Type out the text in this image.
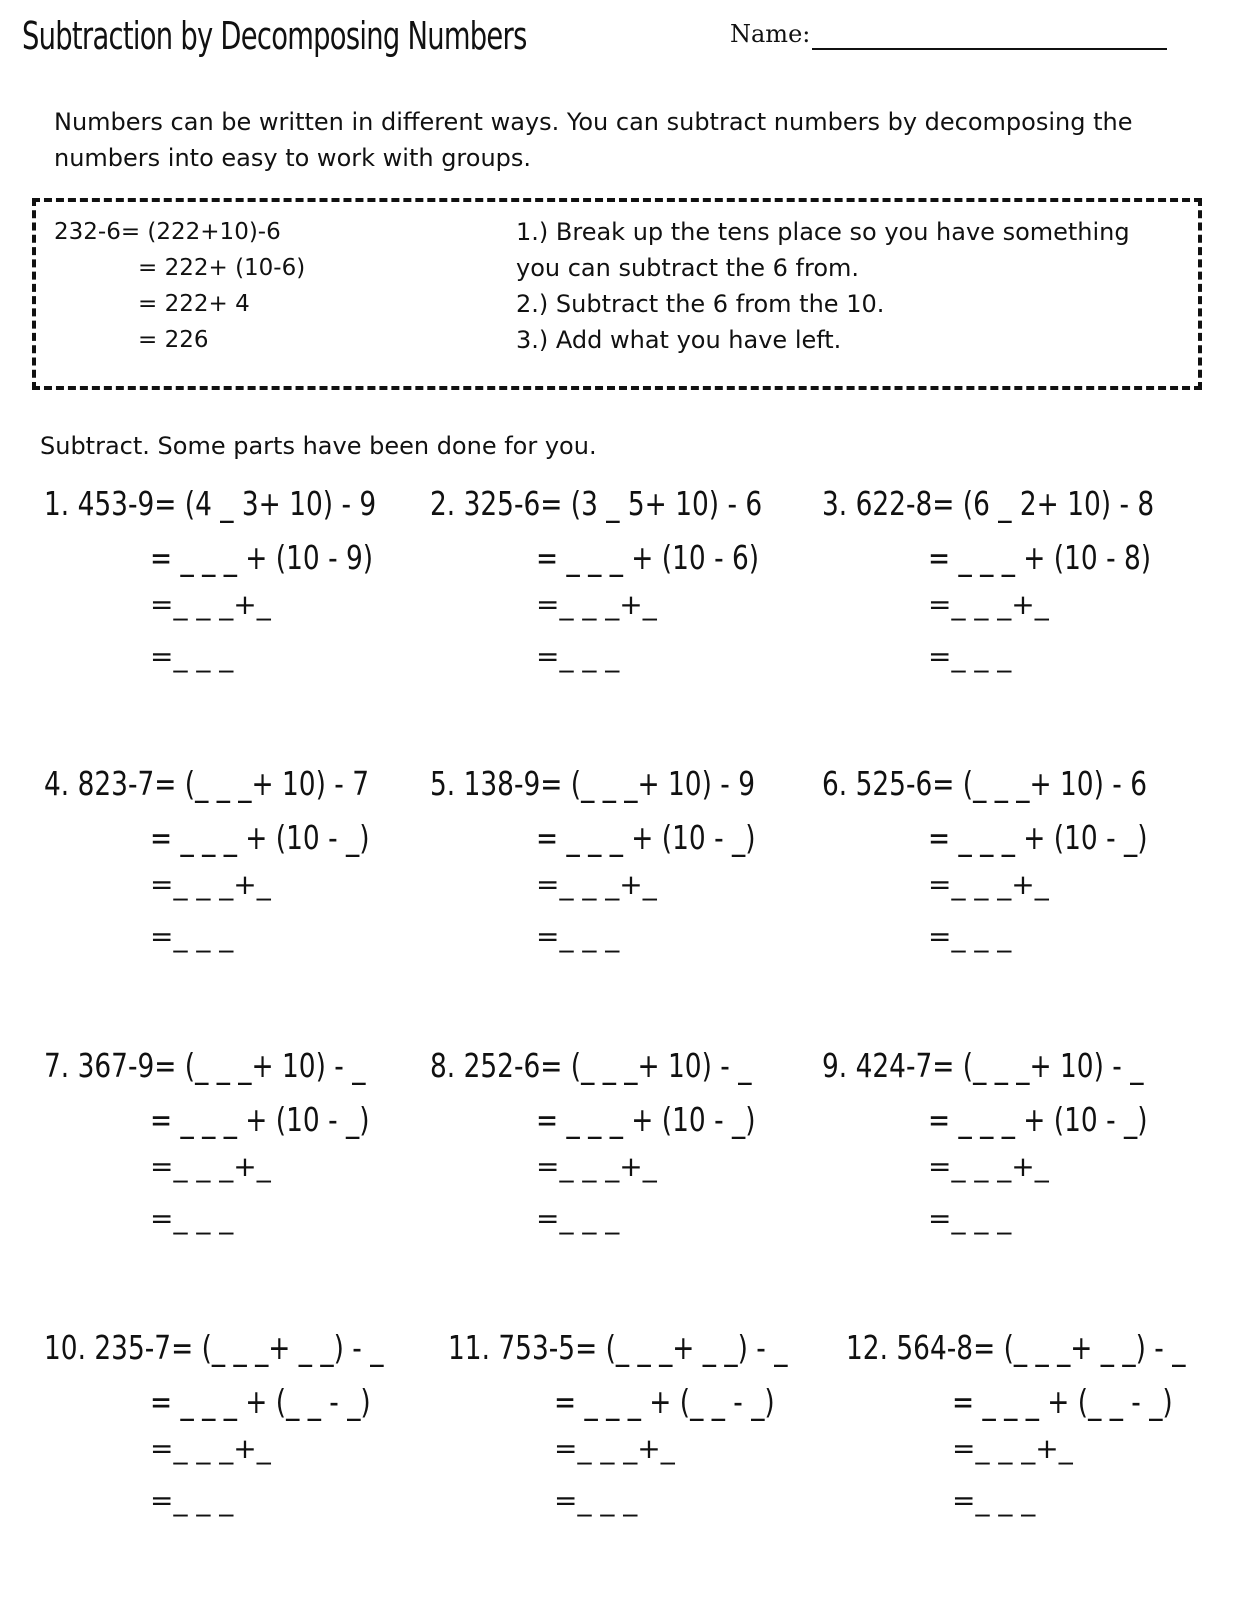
Subtraction by Decomposing Numbers	Name:
Numbers can be written in different ways. You can subtract numbers by decomposing the numbers into easy to work with groups.
232-6= (222+10)-6
= 222+ (10-6)
= 222+ 4
= 226
1.) Break up the tens place so you have something you can subtract the 6 from.
2.) Subtract the 6 from the 10.
3.) Add what you have left.
Subtract. Some parts have been done for you.
1. 453-9= (4 _ 3+ 10) - 9
= _ _ _ + (10 - 9)
=_ _ _+_
=_ _ _
2. 325-6= (3 _ 5+ 10) - 6
= _ _ _ + (10 - 6)
=_ _ _+_
=_ _ _
3. 622-8= (6 _ 2+ 10) - 8
= _ _ _ + (10 - 8)
=_ _ _+_
=_ _ _
4. 823-7= (_ _ _+ 10) - 7
= _ _ _ + (10 - _)
=_ _ _+_
=_ _ _
5. 138-9= (_ _ _+ 10) - 9
= _ _ _ + (10 - _)
=_ _ _+_
=_ _ _
6. 525-6= (_ _ _+ 10) - 6
= _ _ _ + (10 - _)
=_ _ _+_
=_ _ _
7. 367-9= (_ _ _+ 10) - _
= _ _ _ + (10 - _)
=_ _ _+_
=_ _ _
8. 252-6= (_ _ _+ 10) - _
= _ _ _ + (10 - _)
=_ _ _+_
=_ _ _
9. 424-7= (_ _ _+ 10) - _
= _ _ _ + (10 - _)
=_ _ _+_
=_ _ _
10. 235-7= (_ _ _+ _ _) - _
= _ _ _ + (_ _ - _)
=_ _ _+_
=_ _ _
11. 753-5= (_ _ _+ _ _) - _
= _ _ _ + (_ _ - _)
=_ _ _+_
=_ _ _
12. 564-8= (_ _ _+ _ _) - _
= _ _ _ + (_ _ - _)
=_ _ _+_
=_ _ _
